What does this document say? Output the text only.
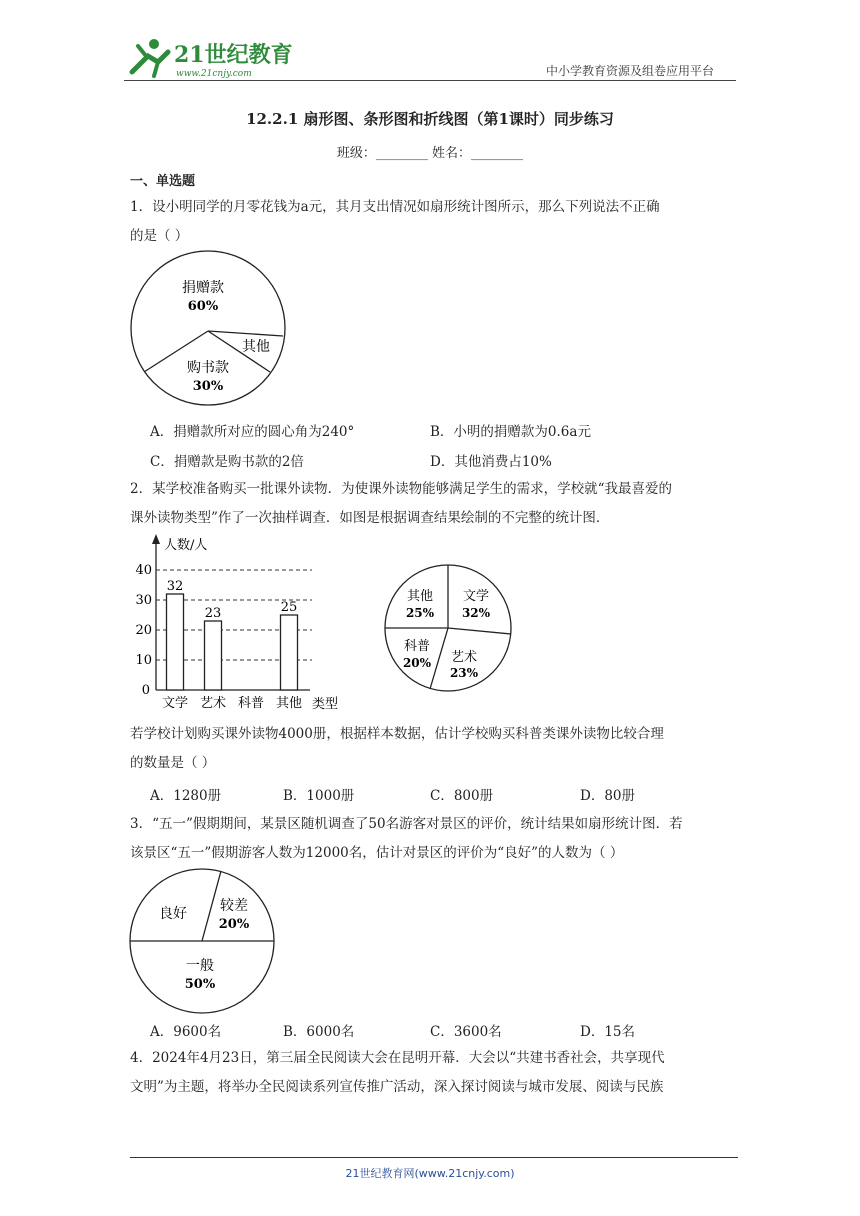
21世纪教育
www.21cnjy.com	中小学教育资源及组卷应用平台
12.2.1 扇形图、条形图和折线图（第1课时）同步练习
班级：________ 姓名：________
一、单选题
1．设小明同学的月零花钱为a元，其月支出情况如扇形统计图所示，那么下列说法不正确
的是（ ）
捐赠款
60%
其他
购书款
30%
A．捐赠款所对应的圆心角为240°	B．小明的捐赠款为0.6a元
C．捐赠款是购书款的2倍	D．其他消费占10%
2．某学校准备购买一批课外读物．为使课外读物能够满足学生的需求，学校就“我最喜爱的
课外读物类型”作了一次抽样调查．如图是根据调查结果绘制的不完整的统计图．
人数/人
类型
0
10
20
30
40
32
23	25
文学 艺术 科普 其他
文学
32%
艺术
23%
科普
20%
其他
25%
若学校计划购买课外读物4000册，根据样本数据，估计学校购买科普类课外读物比较合理
的数量是（ ）
A．1280册	B．1000册	C．800册	D．80册
3．“五一”假期期间，某景区随机调查了50名游客对景区的评价，统计结果如扇形统计图．若
该景区“五一”假期游客人数为12000名，估计对景区的评价为“良好”的人数为（ ）
良好 较差
20%
一般
50%
A．9600名	B．6000名	C．3600名	D．15名
4．2024年4月23日，第三届全民阅读大会在昆明开幕．大会以“共建书香社会，共享现代
文明”为主题，将举办全民阅读系列宣传推广活动，深入探讨阅读与城市发展、阅读与民族
21世纪教育网(www.21cnjy.com)
